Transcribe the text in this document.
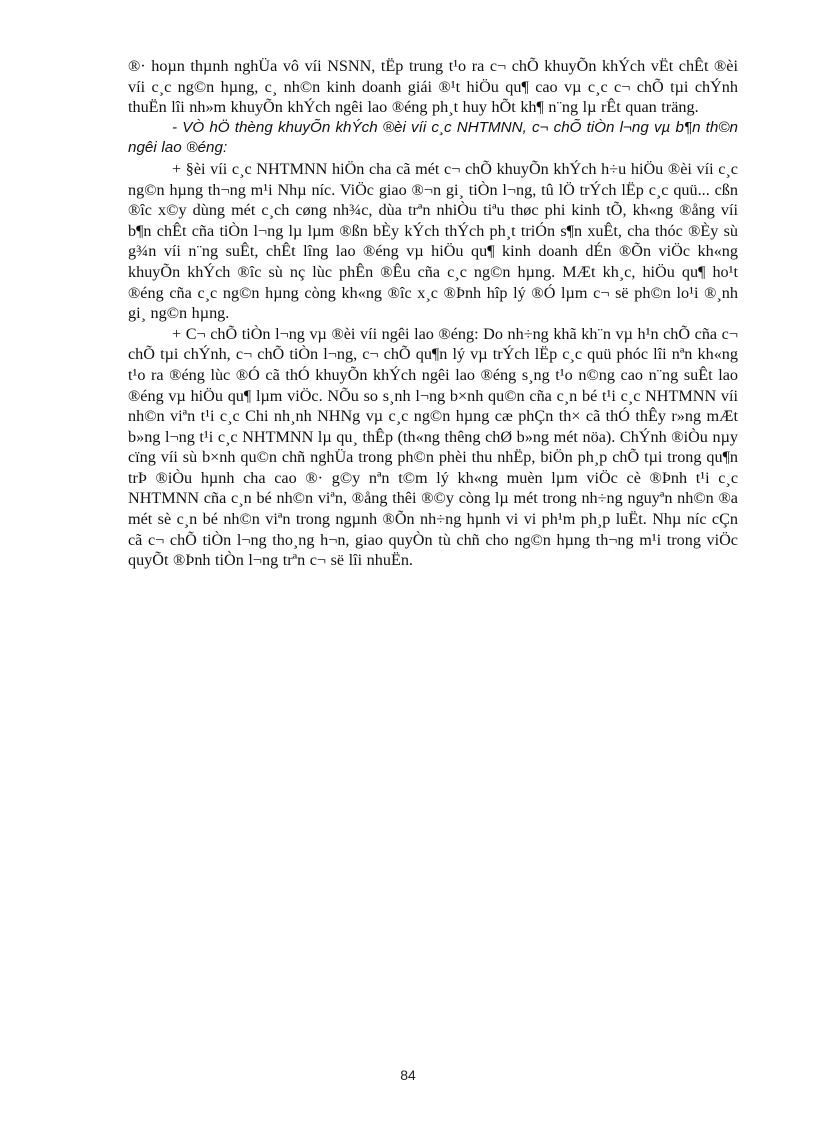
®· hoµn thµnh nghÜa vô víi NSNN, tËp trung t¹o ra c¬ chÕ khuyÕn khÝch vËt chÊt ®èi víi c¸c ng©n hµng, c¸ nh©n kinh doanh giái ®¹t hiÖu qu¶ cao vµ c¸c c¬ chÕ tµi chÝnh thuËn lîi nh»m khuyÕn khÝch ngêi lao ®éng ph¸t huy hÕt kh¶ n¨ng lµ rÊt quan träng.

- VÒ hÖ thèng khuyÕn khÝch ®èi víi c¸c NHTMNN, c¬ chÕ tiÒn l¬ng vµ b¶n th©n ngêi lao ®éng:

+ §èi víi c¸c NHTMNN hiÖn cha cã mét c¬ chÕ khuyÕn khÝch h÷u hiÖu ®èi víi c¸c ng©n hµng th¬ng m¹i Nhµ níc. ViÖc giao ®¬n gi¸ tiÒn l¬ng, tû lÖ trÝch lËp c¸c quü... cßn ®îc x©y dùng mét c¸ch cøng nh¾c, dùa trªn nhiÒu tiªu thøc phi kinh tÕ, kh«ng ®ång víi b¶n chÊt cña tiÒn l¬ng lµ lµm ®ßn bÈy kÝch thÝch ph¸t triÓn s¶n xuÊt, cha thóc ®Èy sù g¾n víi n¨ng suÊt, chÊt lîng lao ®éng vµ hiÖu qu¶ kinh doanh dÉn ®Õn viÖc kh«ng khuyÕn khÝch ®îc sù nç lùc phÊn ®Êu cña c¸c ng©n hµng. MÆt kh¸c, hiÖu qu¶ ho¹t ®éng cña c¸c ng©n hµng còng kh«ng ®îc x¸c ®Þnh hîp lý ®Ó lµm c¬ së ph©n lo¹i ®¸nh gi¸ ng©n hµng.

+ C¬ chÕ tiÒn l¬ng vµ ®èi víi ngêi lao ®éng: Do nh÷ng khã kh¨n vµ h¹n chÕ cña c¬ chÕ tµi chÝnh, c¬ chÕ tiÒn l¬ng, c¬ chÕ qu¶n lý vµ trÝch lËp c¸c quü phóc lîi nªn kh«ng t¹o ra ®éng lùc ®Ó cã thÓ khuyÕn khÝch ngêi lao ®éng s¸ng t¹o n©ng cao n¨ng suÊt lao ®éng vµ hiÖu qu¶ lµm viÖc. NÕu so s¸nh l¬ng b×nh qu©n cña c¸n bé t¹i c¸c NHTMNN víi nh©n viªn t¹i c¸c Chi nh¸nh NHNg vµ c¸c ng©n hµng cæ phÇn th× cã thÓ thÊy r»ng mÆt b»ng l¬ng t¹i c¸c NHTMNN lµ qu¸ thÊp (th«ng thêng chØ b»ng mét nöa). ChÝnh ®iÒu nµy cïng víi sù b×nh qu©n chñ nghÜa trong ph©n phèi thu nhËp, biÖn ph¸p chÕ tµi trong qu¶n trÞ ®iÒu hµnh cha cao ®· g©y nªn t©m lý kh«ng muèn lµm viÖc cè ®Þnh t¹i c¸c NHTMNN cña c¸n bé nh©n viªn, ®ång thêi ®©y còng lµ mét trong nh÷ng nguyªn nh©n ®a mét sè c¸n bé nh©n viªn trong ngµnh ®Õn nh÷ng hµnh vi vi ph¹m ph¸p luËt. Nhµ níc cÇn cã c¬ chÕ tiÒn l¬ng tho¸ng h¬n, giao quyÒn tù chñ cho ng©n hµng th¬ng m¹i trong viÖc quyÕt ®Þnh tiÒn l¬ng trªn c¬ së lîi nhuËn.

84
